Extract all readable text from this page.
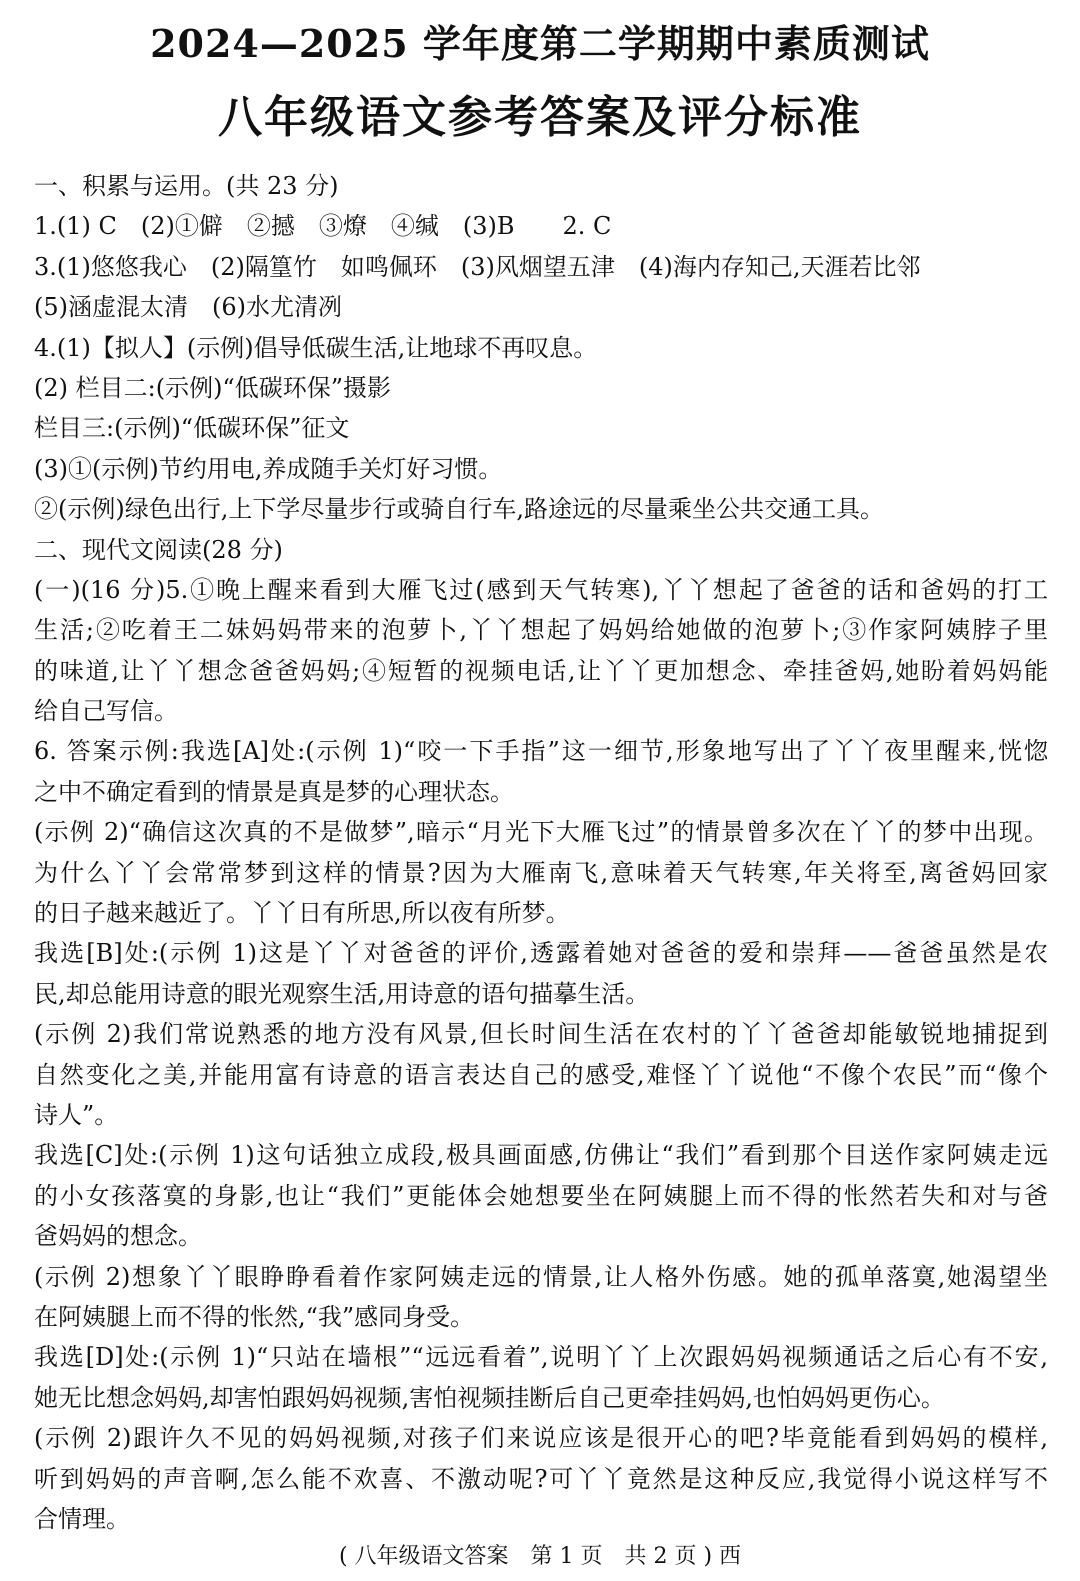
2024—2025 学年度第二学期期中素质测试
八年级语文参考答案及评分标准
一、积累与运用。(共 23 分)
1.(1) C　(2)①僻　②撼　③燎　④缄　(3)B　　2. C
3.(1)悠悠我心　(2)隔篁竹　如鸣佩环　(3)风烟望五津　(4)海内存知己,天涯若比邻
(5)涵虚混太清　(6)水尤清冽
4.(1)【拟人】(示例)倡导低碳生活,让地球不再叹息。
(2) 栏目二:(示例)“低碳环保”摄影
栏目三:(示例)“低碳环保”征文
(3)①(示例)节约用电,养成随手关灯好习惯。
②(示例)绿色出行,上下学尽量步行或骑自行车,路途远的尽量乘坐公共交通工具。
二、现代文阅读(28 分)
(一)(16 分)5.①晚上醒来看到大雁飞过(感到天气转寒),丫丫想起了爸爸的话和爸妈的打工
生活;②吃着王二妹妈妈带来的泡萝卜,丫丫想起了妈妈给她做的泡萝卜;③作家阿姨脖子里
的味道,让丫丫想念爸爸妈妈;④短暂的视频电话,让丫丫更加想念、牵挂爸妈,她盼着妈妈能
给自己写信。
6. 答案示例:我选[A]处:(示例 1)“咬一下手指”这一细节,形象地写出了丫丫夜里醒来,恍惚
之中不确定看到的情景是真是梦的心理状态。
(示例 2)“确信这次真的不是做梦”,暗示“月光下大雁飞过”的情景曾多次在丫丫的梦中出现。
为什么丫丫会常常梦到这样的情景?因为大雁南飞,意味着天气转寒,年关将至,离爸妈回家
的日子越来越近了。丫丫日有所思,所以夜有所梦。
我选[B]处:(示例 1)这是丫丫对爸爸的评价,透露着她对爸爸的爱和崇拜——爸爸虽然是农
民,却总能用诗意的眼光观察生活,用诗意的语句描摹生活。
(示例 2)我们常说熟悉的地方没有风景,但长时间生活在农村的丫丫爸爸却能敏锐地捕捉到
自然变化之美,并能用富有诗意的语言表达自己的感受,难怪丫丫说他“不像个农民”而“像个
诗人”。
我选[C]处:(示例 1)这句话独立成段,极具画面感,仿佛让“我们”看到那个目送作家阿姨走远
的小女孩落寞的身影,也让“我们”更能体会她想要坐在阿姨腿上而不得的怅然若失和对与爸
爸妈妈的想念。
(示例 2)想象丫丫眼睁睁看着作家阿姨走远的情景,让人格外伤感。她的孤单落寞,她渴望坐
在阿姨腿上而不得的怅然,“我”感同身受。
我选[D]处:(示例 1)“只站在墙根”“远远看着”,说明丫丫上次跟妈妈视频通话之后心有不安,
她无比想念妈妈,却害怕跟妈妈视频,害怕视频挂断后自己更牵挂妈妈,也怕妈妈更伤心。
(示例 2)跟许久不见的妈妈视频,对孩子们来说应该是很开心的吧?毕竟能看到妈妈的模样,
听到妈妈的声音啊,怎么能不欢喜、不激动呢?可丫丫竟然是这种反应,我觉得小说这样写不
合情理。
( 八年级语文答案　第 1 页　共 2 页 ) 西
